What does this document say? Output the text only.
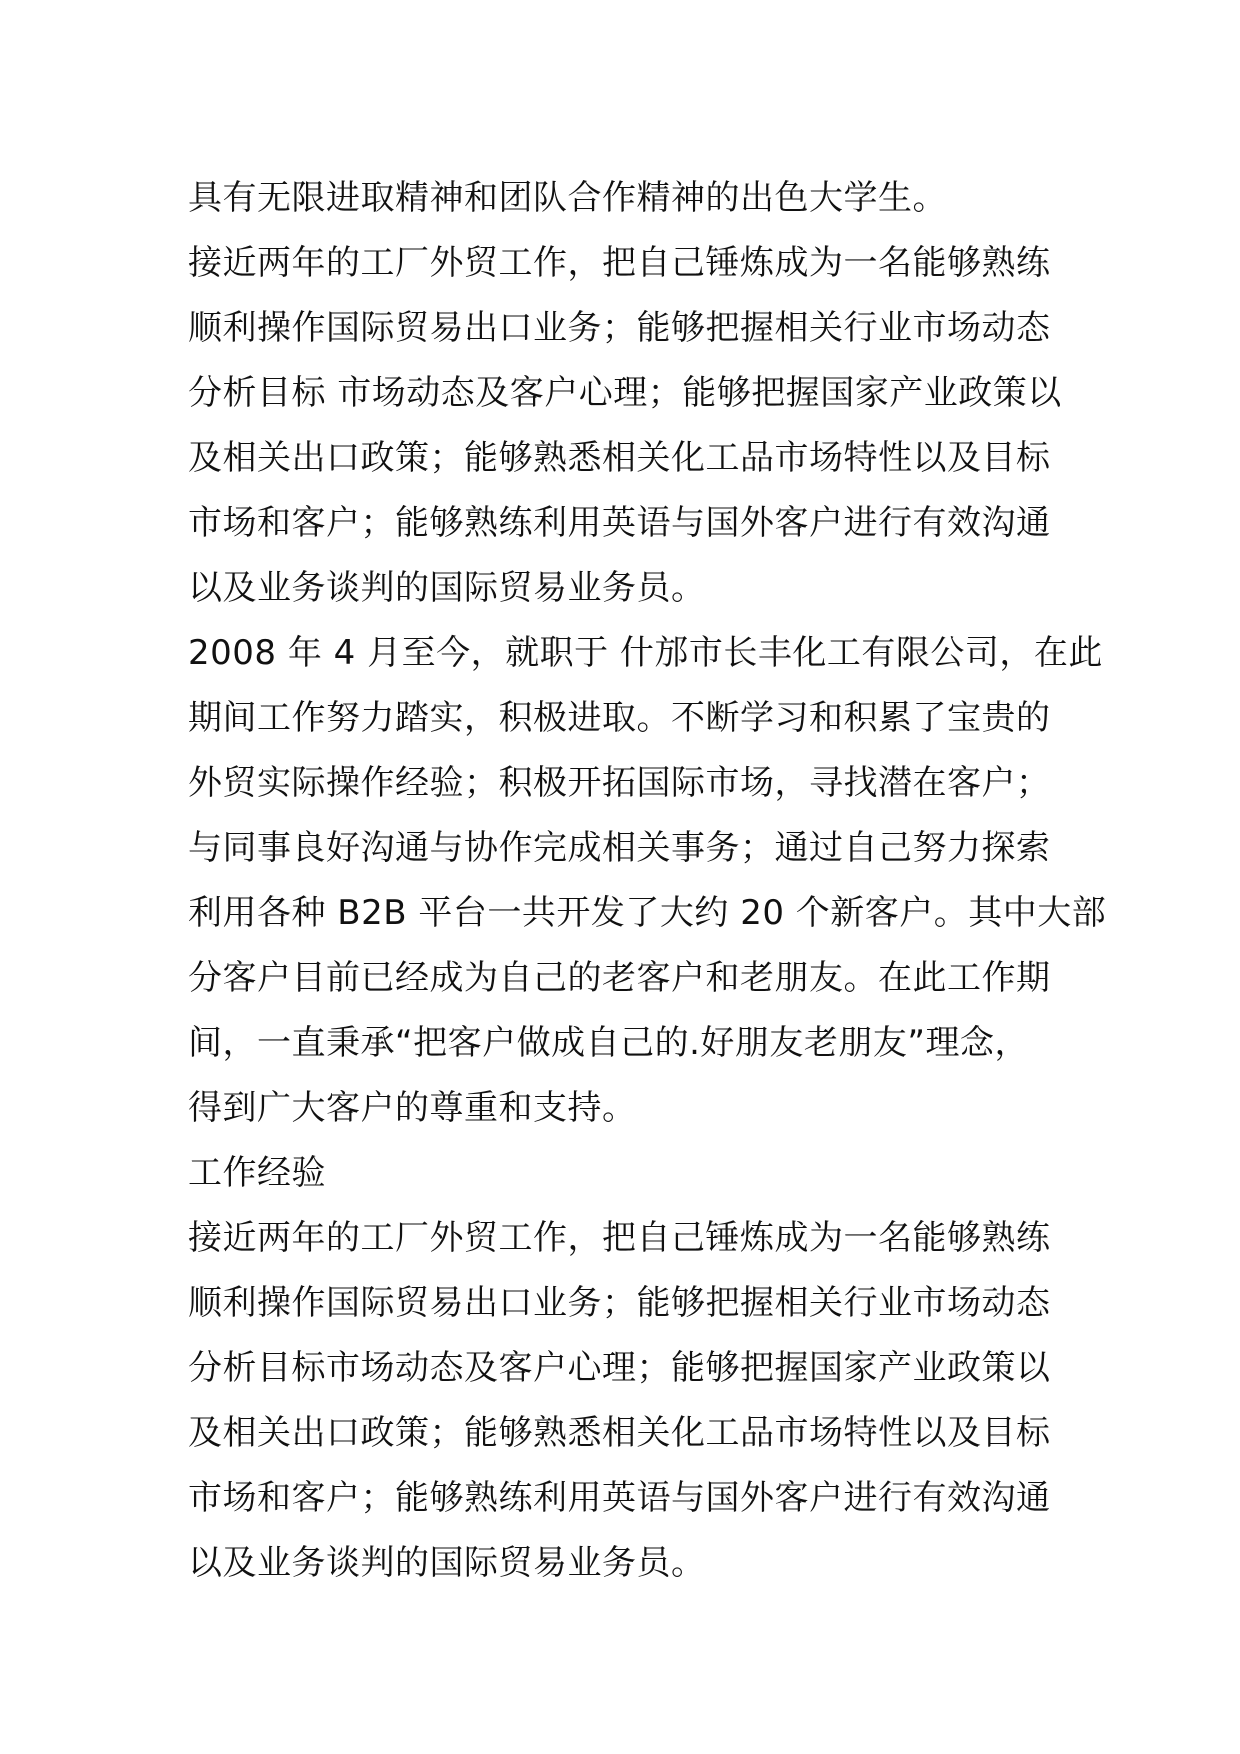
具有无限进取精神和团队合作精神的出色大学生。
接近两年的工厂外贸工作，把自己锤炼成为一名能够熟练
顺利操作国际贸易出口业务；能够把握相关行业市场动态
分析目标 市场动态及客户心理；能够把握国家产业政策以
及相关出口政策；能够熟悉相关化工品市场特性以及目标
市场和客户；能够熟练利用英语与国外客户进行有效沟通
以及业务谈判的国际贸易业务员。
2008 年 4 月至今，就职于 什邡市长丰化工有限公司，在此
期间工作努力踏实，积极进取。不断学习和积累了宝贵的
外贸实际操作经验；积极开拓国际市场，寻找潜在客户；
与同事良好沟通与协作完成相关事务；通过自己努力探索
利用各种 B2B 平台一共开发了大约 20 个新客户。其中大部
分客户目前已经成为自己的老客户和老朋友。在此工作期
间，一直秉承“把客户做成自己的.好朋友老朋友”理念，
得到广大客户的尊重和支持。
工作经验
接近两年的工厂外贸工作，把自己锤炼成为一名能够熟练
顺利操作国际贸易出口业务；能够把握相关行业市场动态
分析目标市场动态及客户心理；能够把握国家产业政策以
及相关出口政策；能够熟悉相关化工品市场特性以及目标
市场和客户；能够熟练利用英语与国外客户进行有效沟通
以及业务谈判的国际贸易业务员。
